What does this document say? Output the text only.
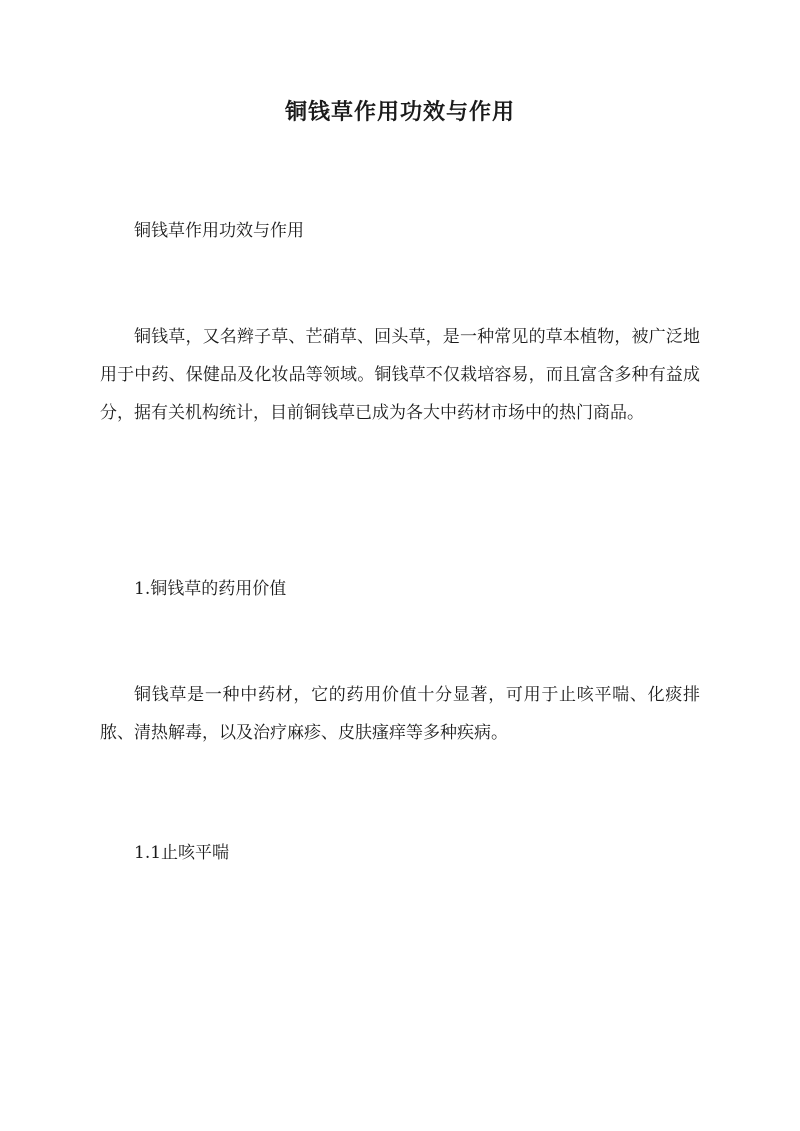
铜钱草作用功效与作用

铜钱草作用功效与作用

铜钱草，又名辫子草、芒硝草、回头草，是一种常见的草本植物，被广泛地用于中药、保健品及化妆品等领域。铜钱草不仅栽培容易，而且富含多种有益成分，据有关机构统计，目前铜钱草已成为各大中药材市场中的热门商品。

1.铜钱草的药用价值

铜钱草是一种中药材，它的药用价值十分显著，可用于止咳平喘、化痰排脓、清热解毒，以及治疗麻疹、皮肤瘙痒等多种疾病。

1.1止咳平喘
